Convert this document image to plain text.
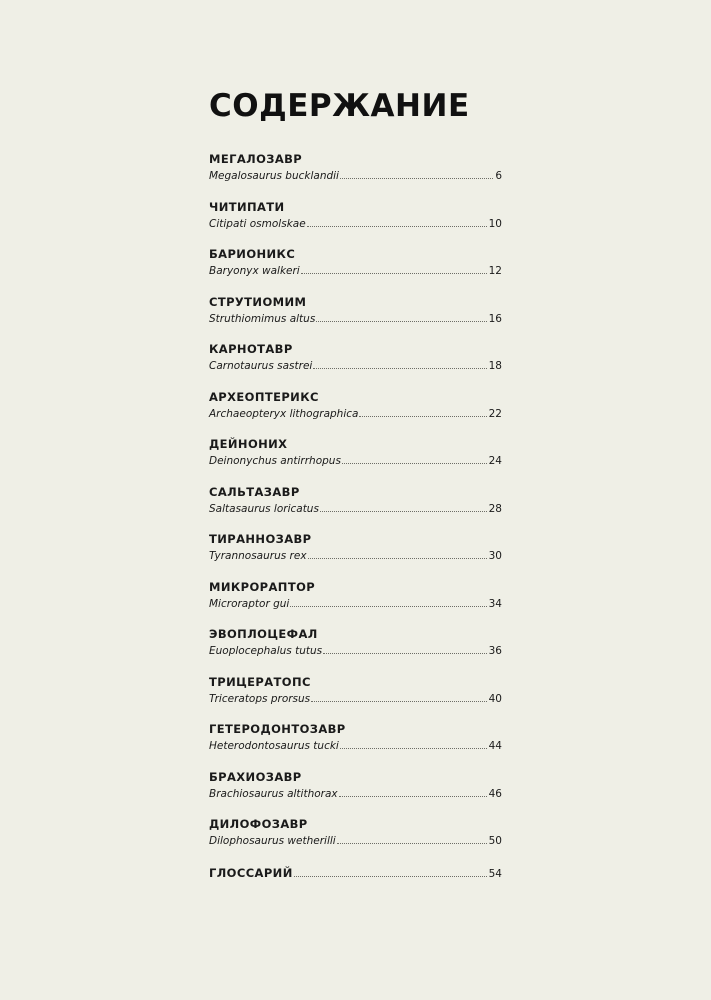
СОДЕРЖАНИЕ
МЕГАЛОЗАВР
Megalosaurus bucklandii	6
ЧИТИПАТИ
Citipati osmolskae	10
БАРИОНИКС
Baryonyx walkeri	12
СТРУТИОМИМ
Struthiomimus altus	16
КАРНОТАВР
Carnotaurus sastrei	18
АРХЕОПТЕРИКС
Archaeopteryx lithographica	22
ДЕЙНОНИХ
Deinonychus antirrhopus	24
САЛЬТАЗАВР
Saltasaurus loricatus	28
ТИРАННОЗАВР
Tyrannosaurus rex	30
МИКРОРАПТОР
Microraptor gui	34
ЭВОПЛОЦЕФАЛ
Euoplocephalus tutus	36
ТРИЦЕРАТОПС
Triceratops prorsus	40
ГЕТЕРОДОНТОЗАВР
Heterodontosaurus tucki	44
БРАХИОЗАВР
Brachiosaurus altithorax	46
ДИЛОФОЗАВР
Dilophosaurus wetherilli	50
ГЛОССАРИЙ	54
